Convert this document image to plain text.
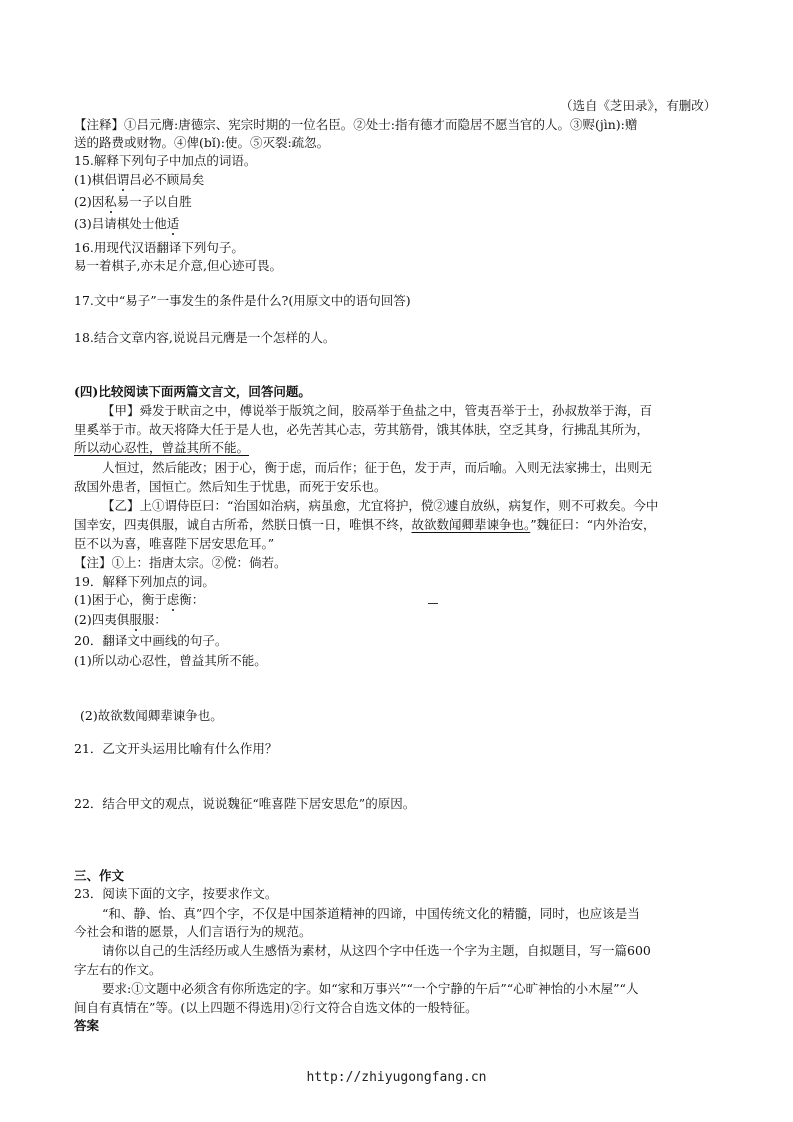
（选自《芝田录》，有删改）
【注释】①吕元膺:唐德宗、宪宗时期的一位名臣。②处士:指有德才而隐居不愿当官的人。③赆(jìn):赠
送的路费或财物。④俾(bǐ):使。⑤灭裂:疏忽。
15.解释下列句子中加点的词语。
(1)棋侣谓吕必不顾局矣
(2)因私易一子以自胜
(3)吕请棋处士他适
16.用现代汉语翻译下列句子。
易一着棋子,亦未足介意,但心迹可畏。
17.文中“易子”一事发生的条件是什么?(用原文中的语句回答)
18.结合文章内容,说说吕元膺是一个怎样的人。
(四)比较阅读下面两篇文言文，回答问题。
【甲】舜发于畎亩之中，傅说举于版筑之间，胶鬲举于鱼盐之中，管夷吾举于士，孙叔敖举于海，百
里奚举于市。故天将降大任于是人也，必先苦其心志，劳其筋骨，饿其体肤，空乏其身，行拂乱其所为，
所以动心忍性，曾益其所不能。
人恒过，然后能改；困于心，衡于虑，而后作；征于色，发于声，而后喻。入则无法家拂士，出则无
敌国外患者，国恒亡。然后知生于忧患，而死于安乐也。
【乙】上①谓侍臣曰：“治国如治病，病虽愈，尤宜将护，傥②遽自放纵，病复作，则不可救矣。今中
国幸安，四夷俱服，诚自古所希，然朕日慎一日，唯惧不终，故欲数闻卿辈谏争也。”魏征曰：“内外治安，
臣不以为喜，唯喜陛下居安思危耳。”
【注】①上：指唐太宗。②傥：倘若。
19．解释下列加点的词。
(1)困于心，衡于虑衡：
(2)四夷俱服服：
20．翻译文中画线的句子。
(1)所以动心忍性，曾益其所不能。
(2)故欲数闻卿辈谏争也。
21．乙文开头运用比喻有什么作用？
22．结合甲文的观点，说说魏征“唯喜陛下居安思危”的原因。
三、作文
23．阅读下面的文字，按要求作文。
“和、静、怡、真”四个字，不仅是中国茶道精神的四谛，中国传统文化的精髓，同时，也应该是当
今社会和谐的愿景，人们言语行为的规范。
请你以自己的生活经历或人生感悟为素材，从这四个字中任选一个字为主题，自拟题目，写一篇600
字左右的作文。
要求:①文题中必须含有你所选定的字。如“家和万事兴”“一个宁静的午后”“心旷神怡的小木屋”“人
间自有真情在”等。(以上四题不得选用)②行文符合自选文体的一般特征。
答案
http://zhiyugongfang.cn
